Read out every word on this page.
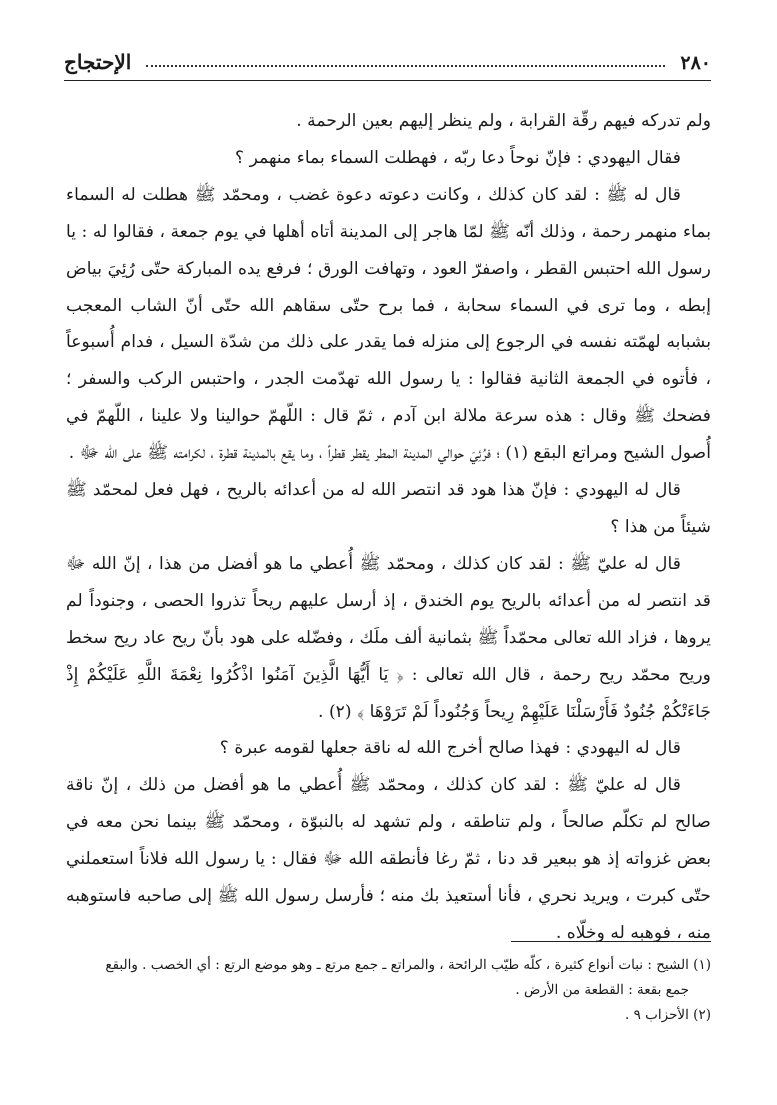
٢٨٠
الإحتجاج

ولم تدركه فيهم رقّة القرابة ، ولم ينظر إليهم بعين الرحمة .

فقال اليهودي : فإنّ نوحاً دعا ربّه ، فهطلت السماء بماء منهمر ؟

قال له ﷺ : لقد كان كذلك ، وكانت دعوته دعوة غضب ، ومحمّد ﷺ هطلت له السماء بماء منهمر رحمة ، وذلك أنّه ﷺ لمّا هاجر إلى المدينة أتاه أهلها في يوم جمعة ، فقالوا له : يا رسول الله احتبس القطر ، واصفرّ العود ، وتهافت الورق ؛ فرفع يده المباركة حتّى رُئِيَ بياض إبطه ، وما ترى في السماء سحابة ، فما برح حتّى سقاهم الله حتّى أنّ الشاب المعجب بشبابه لهمّته نفسه في الرجوع إلى منزله فما يقدر على ذلك من شدّة السيل ، فدام أُسبوعاً ، فأتوه في الجمعة الثانية فقالوا : يا رسول الله تهدّمت الجدر ، واحتبس الركب والسفر ؛ فضحك ﷺ وقال : هذه سرعة ملالة ابن آدم ، ثمّ قال : اللّهمّ حوالينا ولا علينا ، اللّهمّ في أُصول الشيح ومراتع البقع (١) ؛ فرُئِيَ حوالي المدينة المطر يقطر قطراً ، وما يقع بالمدينة قطرة ، لكرامته ﷺ على الله ﷻ .

قال له اليهودي : فإنّ هذا هود قد انتصر الله له من أعدائه بالريح ، فهل فعل لمحمّد ﷺ شيئاً من هذا ؟

قال له عليّ ﷺ : لقد كان كذلك ، ومحمّد ﷺ أُعطي ما هو أفضل من هذا ، إنّ الله ﷻ قد انتصر له من أعدائه بالريح يوم الخندق ، إذ أرسل عليهم ريحاً تذروا الحصى ، وجنوداً لم يروها ، فزاد الله تعالى محمّداً ﷺ بثمانية ألف ملَك ، وفضّله على هود بأنّ ريح عاد ريح سخط وريح محمّد ريح رحمة ، قال الله تعالى : ﴿ يَا أَيُّهَا الَّذِينَ آمَنُوا اذْكُرُوا نِعْمَةَ اللَّهِ عَلَيْكُمْ إِذْ جَاءَتْكُمْ جُنُودٌ فَأَرْسَلْنَا عَلَيْهِمْ رِيحاً وَجُنُوداً لَمْ تَرَوْهَا ﴾ (٢) .

قال له اليهودي : فهذا صالح أخرج الله له ناقة جعلها لقومه عبرة ؟

قال له عليّ ﷺ : لقد كان كذلك ، ومحمّد ﷺ أُعطي ما هو أفضل من ذلك ، إنّ ناقة صالح لم تكلّم صالحاً ، ولم تناطقه ، ولم تشهد له بالنبوّة ، ومحمّد ﷺ بينما نحن معه في بعض غزواته إذ هو ببعير قد دنا ، ثمّ رغا فأنطقه الله ﷻ فقال : يا رسول الله فلاناً استعملني حتّى كبرت ، ويريد نحري ، فأنا أستعيذ بك منه ؛ فأرسل رسول الله ﷺ إلى صاحبه فاستوهبه منه ، فوهبه له وخلّاه .

(١) الشيح : نبات أنواع كثيرة ، كلّه طيّب الرائحة ، والمراتع ـ جمع مرتع ـ وهو موضع الرتع : أي الخصب . والبقع

جمع بقعة : القطعة من الأرض .

(٢) الأحزاب ٩ .
